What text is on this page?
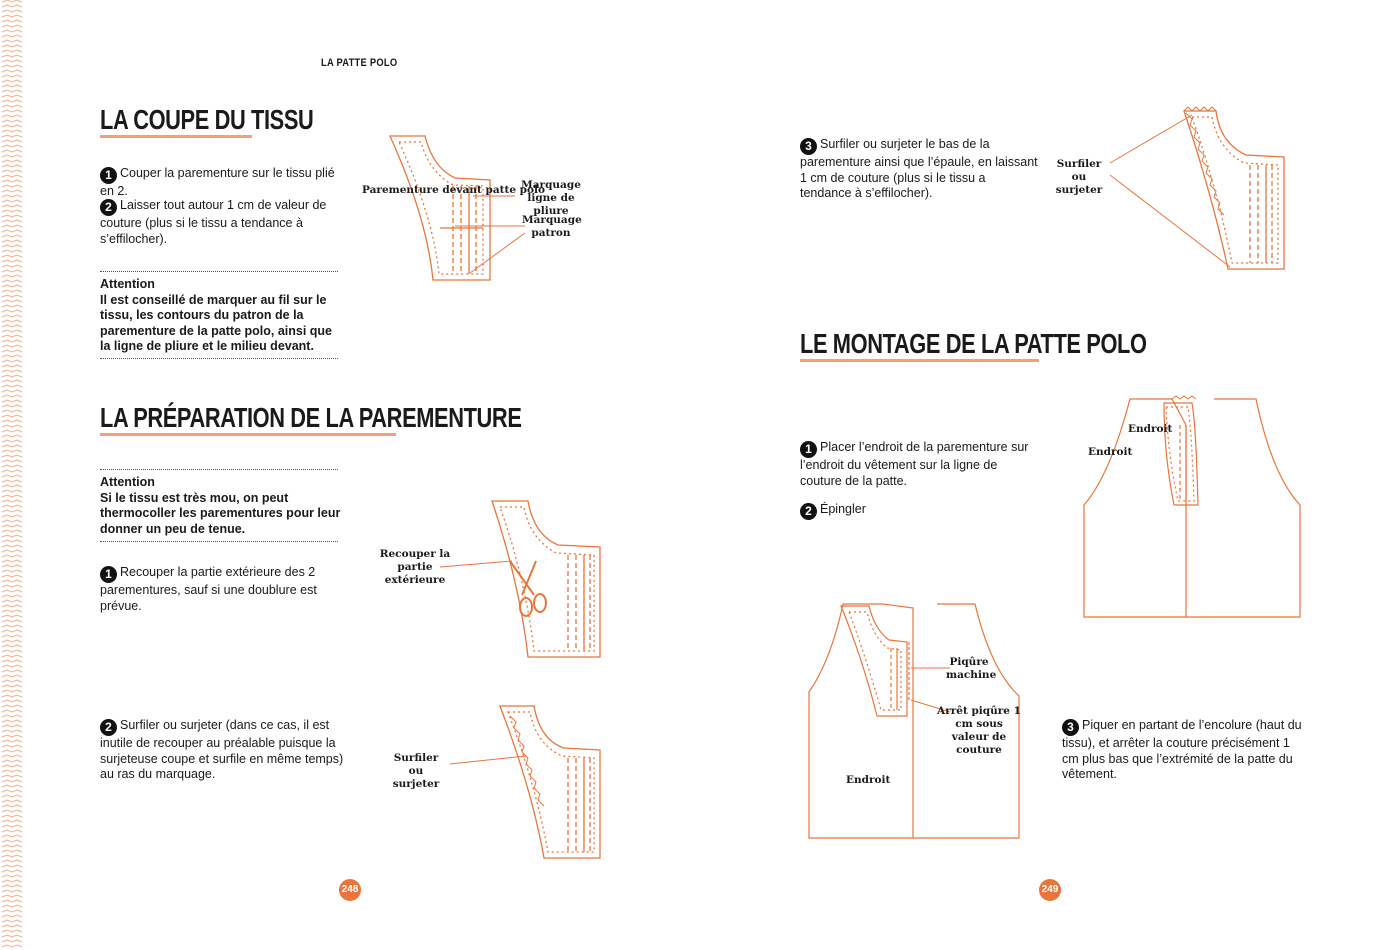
LA PATTE POLO
LA COUPE DU TISSU
1 Couper la parementure sur le tissu plié en 2.
2 Laisser tout autour 1 cm de valeur de couture (plus si le tissu a tendance à s’effilocher).
Attention
Il est conseillé de marquer au fil sur le tissu, les contours du patron de la parementure de la patte polo, ainsi que la ligne de pliure et le milieu devant.
Parementure devant patte polo
Marquage ligne de pliure
Marquage patron
LA PRÉPARATION DE LA PAREMENTURE
Attention
Si le tissu est très mou, on peut thermocoller les parementures pour leur donner un peu de tenue.
1 Recouper la partie extérieure des 2 parementures, sauf si une doublure est prévue.
Recouper la partie extérieure
2 Surfiler ou surjeter (dans ce cas, il est inutile de recouper au préalable puisque la surjeteuse coupe et surfile en même temps) au ras du marquage.
Surfiler ou surjeter
248
3 Surfiler ou surjeter le bas de la parementure ainsi que l’épaule, en laissant 1 cm de couture (plus si le tissu a tendance à s’effilocher).
Surfiler ou surjeter
LE MONTAGE DE LA PATTE POLO
1 Placer l’endroit de la parementure sur l’endroit du vêtement sur la ligne de couture de la patte.
2 Épingler
Endroit
Endroit
Piqûre machine
Arrêt piqûre 1 cm sous valeur de couture
Endroit
3 Piquer en partant de l’encolure (haut du tissu), et arrêter la couture précisément 1 cm plus bas que l’extrémité de la patte du vêtement.
249
